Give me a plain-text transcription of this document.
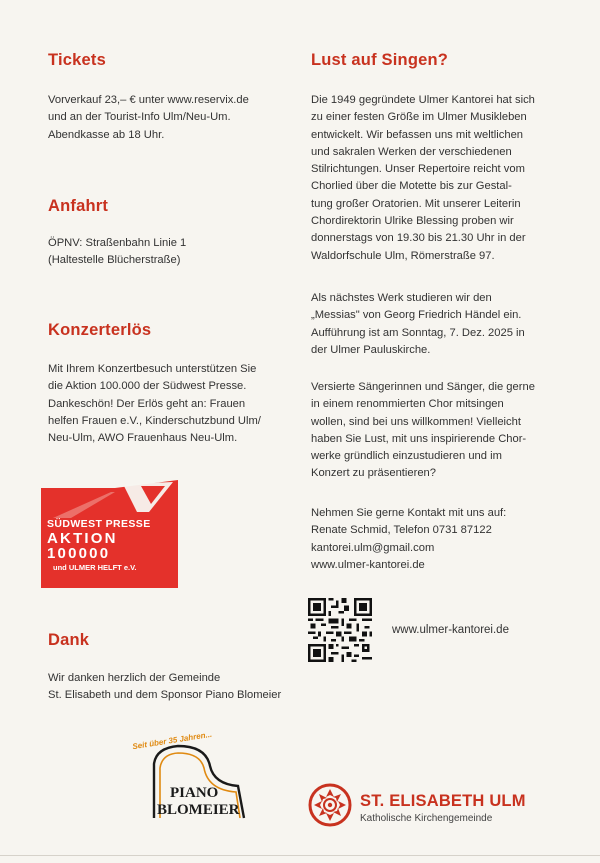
Tickets

Vorverkauf 23,– € unter www.reservix.de
und an der Tourist-Info Ulm/Neu-Um.
Abendkasse ab 18 Uhr.

Anfahrt

ÖPNV: Straßenbahn Linie 1
(Haltestelle Blücherstraße)

Konzerterlös

Mit Ihrem Konzertbesuch unterstützen Sie
die Aktion 100.000 der Südwest Presse.
Dankeschön! Der Erlös geht an: Frauen
helfen Frauen e.V., Kinderschutzbund Ulm/
Neu-Ulm, AWO Frauenhaus Neu-Ulm.

SÜDWEST PRESSE
AKTION
100000
und ULMER HELFT e.V.
Dank

Wir danken herzlich der Gemeinde
St. Elisabeth und dem Sponsor Piano Blomeier

Lust auf Singen?

Die 1949 gegründete Ulmer Kantorei hat sich
zu einer festen Größe im Ulmer Musikleben
entwickelt. Wir befassen uns mit weltlichen
und sakralen Werken der verschiedenen
Stilrichtungen. Unser Repertoire reicht vom
Chorlied über die Motette bis zur Gestal-
tung großer Oratorien. Mit unserer Leiterin
Chordirektorin Ulrike Blessing proben wir
donnerstags von 19.30 bis 21.30 Uhr in der
Waldorfschule Ulm, Römerstraße 97.

Als nächstes Werk studieren wir den
„Messias" von Georg Friedrich Händel ein.
Aufführung ist am Sonntag, 7. Dez. 2025 in
der Ulmer Pauluskirche.

Versierte Sängerinnen und Sänger, die gerne
in einem renommierten Chor mitsingen
wollen, sind bei uns willkommen! Vielleicht
haben Sie Lust, mit uns inspirierende Chor-
werke gründlich einzustudieren und im
Konzert zu präsentieren?

Nehmen Sie gerne Kontakt mit uns auf:
Renate Schmid, Telefon 0731 87122
kantorei.ulm@gmail.com
www.ulmer-kantorei.de

www.ulmer-kantorei.de
Seit über 35 Jahren...
PIANO
BLOMEIER	ST. ELISABETH ULM
Katholische Kirchengemeinde
